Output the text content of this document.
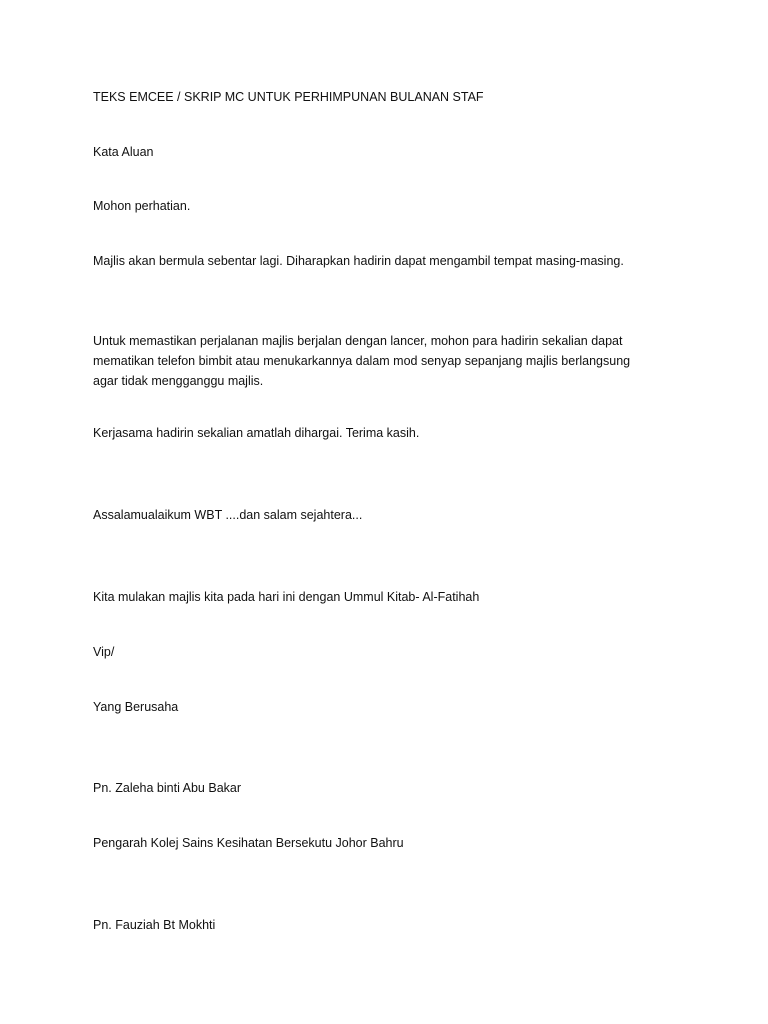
TEKS EMCEE / SKRIP MC UNTUK PERHIMPUNAN BULANAN STAF

Kata Aluan

Mohon perhatian.

Majlis akan bermula sebentar lagi. Diharapkan hadirin dapat mengambil tempat masing-masing.

Untuk memastikan perjalanan majlis berjalan dengan lancer, mohon para hadirin sekalian dapat
mematikan telefon bimbit atau menukarkannya dalam mod senyap sepanjang majlis berlangsung
agar tidak mengganggu majlis.

Kerjasama hadirin sekalian amatlah dihargai. Terima kasih.

Assalamualaikum WBT ....dan salam sejahtera...

Kita mulakan majlis kita pada hari ini dengan Ummul Kitab- Al-Fatihah

Vip/

Yang Berusaha

Pn. Zaleha binti Abu Bakar

Pengarah Kolej Sains Kesihatan Bersekutu Johor Bahru

Pn. Fauziah Bt Mokhti
